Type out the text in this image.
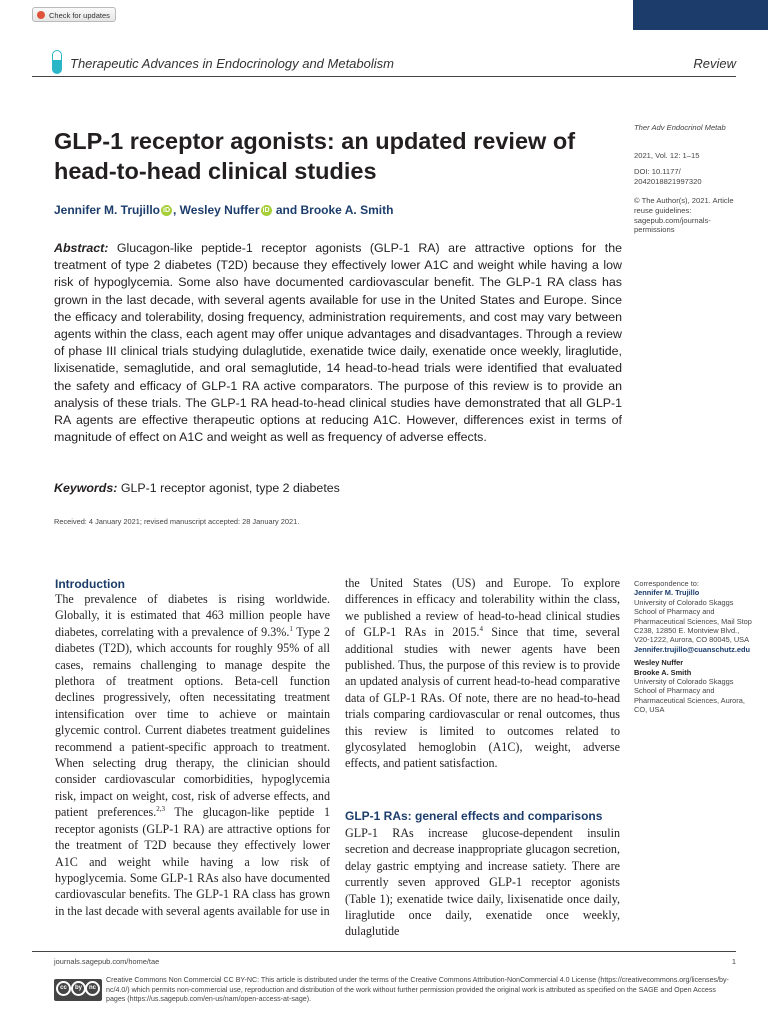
Check for updates
Therapeutic Advances in Endocrinology and Metabolism	Review
GLP-1 receptor agonists: an updated review of head-to-head clinical studies
Jennifer M. Trujillo iD , Wesley Nuffer iD and Brooke A. Smith
Ther Adv Endocrinol Metab
2021, Vol. 12: 1–15
DOI: 10.1177/ 2042018821997320
© The Author(s), 2021. Article reuse guidelines: sagepub.com/journals-permissions
Abstract: Glucagon-like peptide-1 receptor agonists (GLP-1 RA) are attractive options for the treatment of type 2 diabetes (T2D) because they effectively lower A1C and weight while having a low risk of hypoglycemia. Some also have documented cardiovascular benefit. The GLP-1 RA class has grown in the last decade, with several agents available for use in the United States and Europe. Since the efficacy and tolerability, dosing frequency, administration requirements, and cost may vary between agents within the class, each agent may offer unique advantages and disadvantages. Through a review of phase III clinical trials studying dulaglutide, exenatide twice daily, exenatide once weekly, liraglutide, lixisenatide, semaglutide, and oral semaglutide, 14 head-to-head trials were identified that evaluated the safety and efficacy of GLP-1 RA active comparators. The purpose of this review is to provide an analysis of these trials. The GLP-1 RA head-to-head clinical studies have demonstrated that all GLP-1 RA agents are effective therapeutic options at reducing A1C. However, differences exist in terms of magnitude of effect on A1C and weight as well as frequency of adverse effects.
Keywords: GLP-1 receptor agonist, type 2 diabetes
Received: 4 January 2021; revised manuscript accepted: 28 January 2021.
Introduction
The prevalence of diabetes is rising worldwide. Globally, it is estimated that 463 million people have diabetes, correlating with a prevalence of 9.3%.$^1$ Type 2 diabetes (T2D), which accounts for roughly 95% of all cases, remains challenging to manage despite the plethora of treatment options. Beta-cell function declines progressively, often necessitating treatment intensification over time to achieve or maintain glycemic control. Current diabetes treatment guidelines recommend a patient-specific approach to treatment. When selecting drug therapy, the clinician should consider cardiovascular comorbidities, hypoglycemia risk, impact on weight, cost, risk of adverse effects, and patient preferences.$^{2,3}$ The glucagon-like peptide 1 receptor agonists (GLP-1 RA) are attractive options for the treatment of T2D because they effectively lower A1C and weight while having a low risk of hypoglycemia. Some GLP-1 RAs also have documented cardiovascular benefits. The GLP-1 RA class has grown in the last decade with several agents available for use in
the United States (US) and Europe. To explore differences in efficacy and tolerability within the class, we published a review of head-to-head clinical studies of GLP-1 RAs in 2015.$^4$ Since that time, several additional studies with newer agents have been published. Thus, the purpose of this review is to provide an updated analysis of current head-to-head comparative data of GLP-1 RAs. Of note, there are no head-to-head trials comparing cardiovascular or renal outcomes, thus this review is limited to outcomes related to glycosylated hemoglobin (A1C), weight, adverse effects, and patient satisfaction.
GLP-1 RAs: general effects and comparisons
GLP-1 RAs increase glucose-dependent insulin secretion and decrease inappropriate glucagon secretion, delay gastric emptying and increase satiety. There are currently seven approved GLP-1 receptor agonists (Table 1); exenatide twice daily, lixisenatide once daily, liraglutide once daily, exenatide once weekly, dulaglutide
Correspondence to:
Jennifer M. Trujillo
University of Colorado Skaggs School of Pharmacy and Pharmaceutical Sciences, Mail Stop C238, 12850 E. Montview Blvd., V20-1222, Aurora, CO 80045, USA
Jennifer.trujillo@cuanschutz.edu
Wesley Nuffer
Brooke A. Smith
University of Colorado Skaggs School of Pharmacy and Pharmaceutical Sciences, Aurora, CO, USA
journals.sagepub.com/home/tae	1
cc	by	nc
Creative Commons Non Commercial CC BY-NC: This article is distributed under the terms of the Creative Commons Attribution-NonCommercial 4.0 License (https://creativecommons.org/licenses/by-nc/4.0/) which permits non-commercial use, reproduction and distribution of the work without further permission provided the original work is attributed as specified on the SAGE and Open Access pages (https://us.sagepub.com/en-us/nam/open-access-at-sage).
